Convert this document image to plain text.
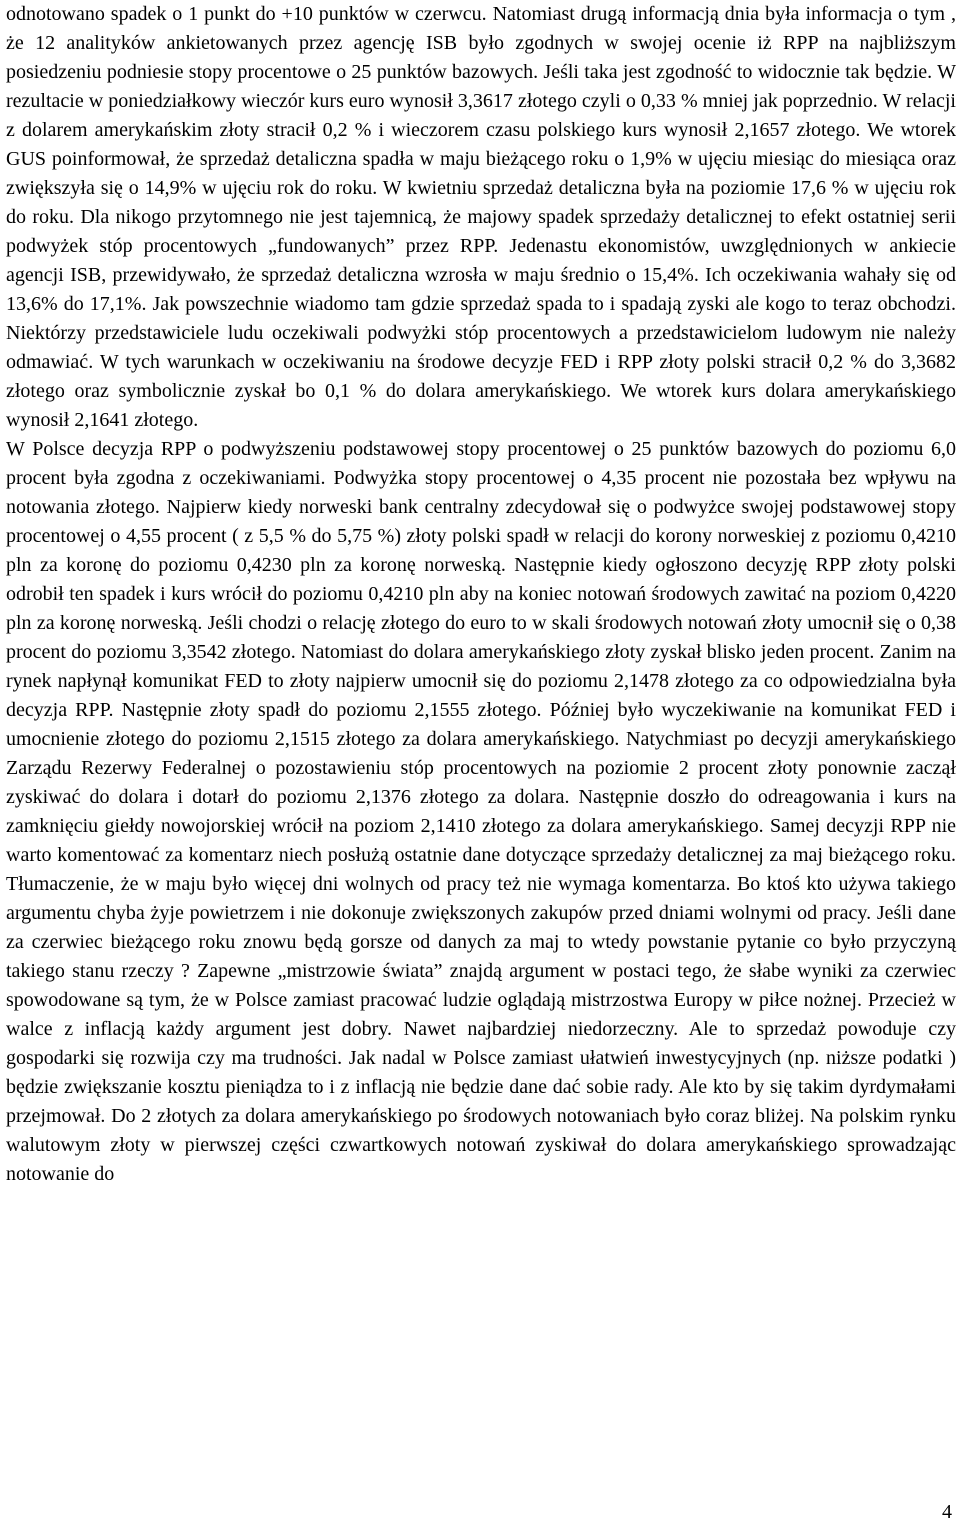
odnotowano spadek o 1 punkt do +10 punktów w czerwcu. Natomiast drugą informacją dnia była informacja o tym , że 12 analityków ankietowanych przez agencję ISB było zgodnych w swojej ocenie iż RPP na najbliższym posiedzeniu podniesie stopy procentowe o 25 punktów bazowych. Jeśli taka jest zgodność to widocznie tak będzie. W rezultacie w poniedziałkowy wieczór kurs euro wynosił 3,3617 złotego czyli o 0,33 % mniej jak poprzednio. W relacji z dolarem amerykańskim złoty stracił 0,2 % i wieczorem czasu polskiego kurs wynosił 2,1657 złotego. We wtorek GUS poinformował, że sprzedaż detaliczna spadła w maju bieżącego roku o 1,9% w ujęciu miesiąc do miesiąca oraz zwiększyła się o 14,9% w ujęciu rok do roku. W kwietniu sprzedaż detaliczna była na poziomie 17,6 % w ujęciu rok do roku. Dla nikogo przytomnego nie jest tajemnicą, że majowy spadek sprzedaży detalicznej to efekt ostatniej serii podwyżek stóp procentowych „fundowanych” przez RPP. Jedenastu ekonomistów, uwzględnionych w ankiecie agencji ISB, przewidywało, że sprzedaż detaliczna wzrosła w maju średnio o 15,4%. Ich oczekiwania wahały się od 13,6% do 17,1%. Jak powszechnie wiadomo tam gdzie sprzedaż spada to i spadają zyski ale kogo to teraz obchodzi. Niektórzy przedstawiciele ludu oczekiwali podwyżki stóp procentowych a przedstawicielom ludowym nie należy odmawiać. W tych warunkach w oczekiwaniu na środowe decyzje FED i RPP złoty polski stracił 0,2 % do 3,3682 złotego oraz symbolicznie zyskał bo 0,1 % do dolara amerykańskiego. We wtorek kurs dolara amerykańskiego wynosił 2,1641 złotego.

W Polsce decyzja RPP o podwyższeniu podstawowej stopy procentowej o 25 punktów bazowych do poziomu 6,0 procent była zgodna z oczekiwaniami. Podwyżka stopy procentowej o 4,35 procent nie pozostała bez wpływu na notowania złotego. Najpierw kiedy norweski bank centralny zdecydował się o podwyżce swojej podstawowej stopy procentowej o 4,55 procent ( z 5,5 % do 5,75 %) złoty polski spadł w relacji do korony norweskiej z poziomu 0,4210 pln za koronę do poziomu 0,4230 pln za koronę norweską. Następnie kiedy ogłoszono decyzję RPP złoty polski odrobił ten spadek i kurs wrócił do poziomu 0,4210 pln aby na koniec notowań środowych zawitać na poziom 0,4220 pln za koronę norweską. Jeśli chodzi o relację złotego do euro to w skali środowych notowań złoty umocnił się o 0,38 procent do poziomu 3,3542 złotego. Natomiast do dolara amerykańskiego złoty zyskał blisko jeden procent. Zanim na rynek napłynął komunikat FED to złoty najpierw umocnił się do poziomu 2,1478 złotego za co odpowiedzialna była decyzja RPP. Następnie złoty spadł do poziomu 2,1555 złotego. Później było wyczekiwanie na komunikat FED i umocnienie złotego do poziomu 2,1515 złotego za dolara amerykańskiego. Natychmiast po decyzji amerykańskiego Zarządu Rezerwy Federalnej o pozostawieniu stóp procentowych na poziomie 2 procent złoty ponownie zaczął zyskiwać do dolara i dotarł do poziomu 2,1376 złotego za dolara. Następnie doszło do odreagowania i kurs na zamknięciu giełdy nowojorskiej wrócił na poziom 2,1410 złotego za dolara amerykańskiego. Samej decyzji RPP nie warto komentować za komentarz niech posłużą ostatnie dane dotyczące sprzedaży detalicznej za maj bieżącego roku. Tłumaczenie, że w maju było więcej dni wolnych od pracy też nie wymaga komentarza. Bo ktoś kto używa takiego argumentu chyba żyje powietrzem i nie dokonuje zwiększonych zakupów przed dniami wolnymi od pracy. Jeśli dane za czerwiec bieżącego roku znowu będą gorsze od danych za maj to wtedy powstanie pytanie co było przyczyną takiego stanu rzeczy ? Zapewne „mistrzowie świata” znajdą argument w postaci tego, że słabe wyniki za czerwiec spowodowane są tym, że w Polsce zamiast pracować ludzie oglądają mistrzostwa Europy w piłce nożnej. Przecież w walce z inflacją każdy argument jest dobry. Nawet najbardziej niedorzeczny. Ale to sprzedaż powoduje czy gospodarki się rozwija czy ma trudności. Jak nadal w Polsce zamiast ułatwień inwestycyjnych (np. niższe podatki ) będzie zwiększanie kosztu pieniądza to i z inflacją nie będzie dane dać sobie rady. Ale kto by się takim dyrdymałami przejmował. Do 2 złotych za dolara amerykańskiego po środowych notowaniach było coraz bliżej. Na polskim rynku walutowym złoty w pierwszej części czwartkowych notowań zyskiwał do dolara amerykańskiego sprowadzając notowanie do

4
